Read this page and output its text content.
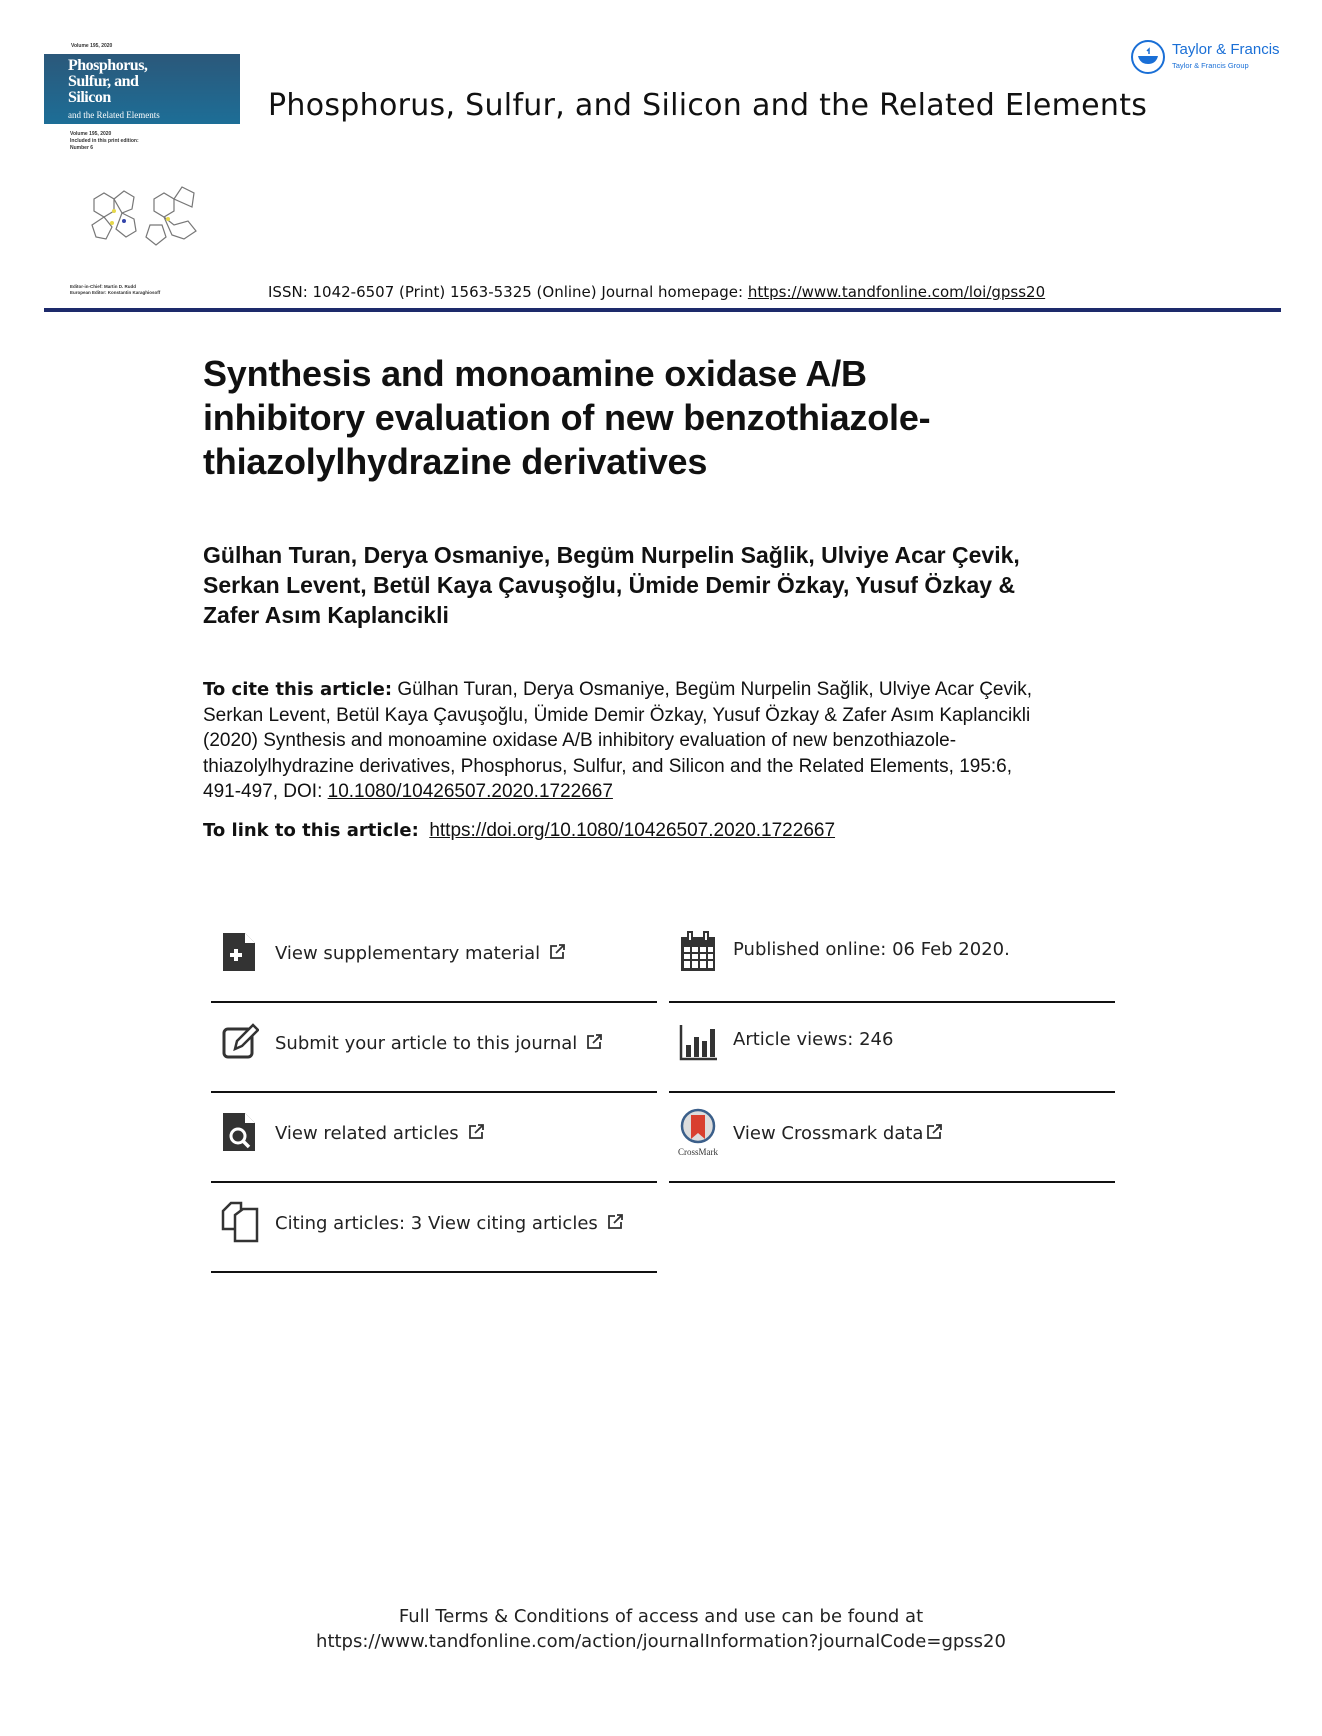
Volume 195, 2020
Phosphorus,
Sulfur, and
Silicon
and the Related Elements
Volume 195, 2020
Included in this print edition:
Number 6
Editor-in-Chief: Martin D. Rudd
European Editor: Konstantin Karaghiosoff
Phosphorus, Sulfur, and Silicon and the Related Elements
Taylor & Francis
Taylor & Francis Group
ISSN: 1042-6507 (Print) 1563-5325 (Online) Journal homepage: https://www.tandfonline.com/loi/gpss20
Synthesis and monoamine oxidase A/B
inhibitory evaluation of new benzothiazole-
thiazolylhydrazine derivatives
Gülhan Turan, Derya Osmaniye, Begüm Nurpelin Sağlik, Ulviye Acar Çevik,
Serkan Levent, Betül Kaya Çavuşoğlu, Ümide Demir Özkay, Yusuf Özkay &
Zafer Asım Kaplancikli
To cite this article: Gülhan Turan, Derya Osmaniye, Begüm Nurpelin Sağlik, Ulviye Acar Çevik,
Serkan Levent, Betül Kaya Çavuşoğlu, Ümide Demir Özkay, Yusuf Özkay & Zafer Asım Kaplancikli
(2020) Synthesis and monoamine oxidase A/B inhibitory evaluation of new benzothiazole-
thiazolylhydrazine derivatives, Phosphorus, Sulfur, and Silicon and the Related Elements, 195:6,
491-497, DOI: 10.1080/10426507.2020.1722667
To link to this article: https://doi.org/10.1080/10426507.2020.1722667
View supplementary material
Submit your article to this journal
View related articles
Citing articles: 3 View citing articles
Published online: 06 Feb 2020.
Article views: 246
CrossMark
View Crossmark data
Full Terms & Conditions of access and use can be found at
https://www.tandfonline.com/action/journalInformation?journalCode=gpss20
